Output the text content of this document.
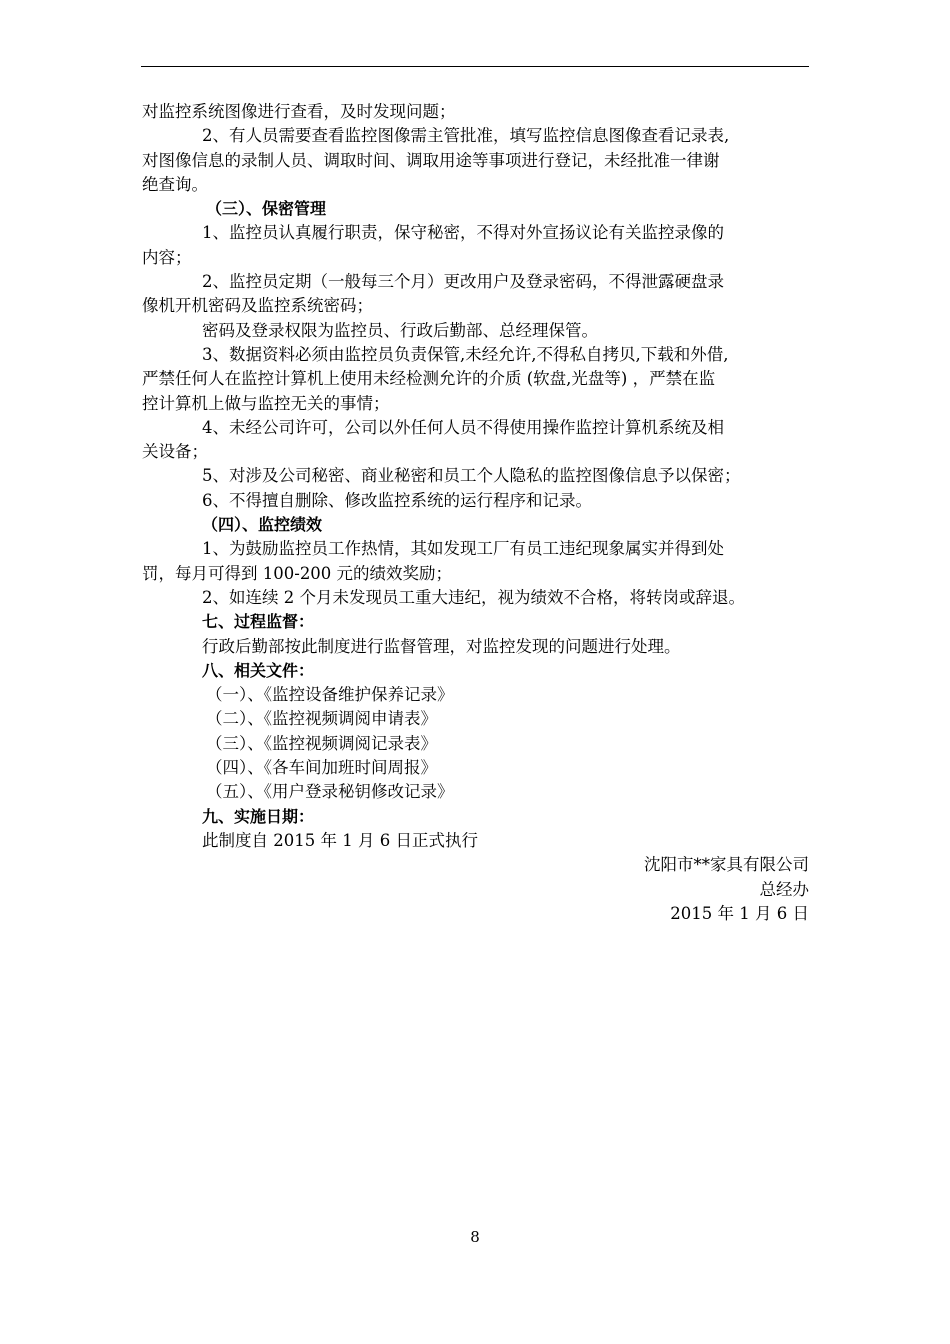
对监控系统图像进行查看，及时发现问题；
2、有人员需要查看监控图像需主管批准，填写监控信息图像查看记录表,
对图像信息的录制人员、调取时间、调取用途等事项进行登记，未经批准一律谢
绝查询。
（三）、保密管理
1、监控员认真履行职责，保守秘密，不得对外宣扬议论有关监控录像的
内容；
2、监控员定期（一般每三个月）更改用户及登录密码，不得泄露硬盘录
像机开机密码及监控系统密码；
密码及登录权限为监控员、行政后勤部、总经理保管。
3、数据资料必须由监控员负责保管,未经允许,不得私自拷贝,下载和外借,
严禁任何人在监控计算机上使用未经检测允许的介质 (软盘,光盘等) ，严禁在监
控计算机上做与监控无关的事情；
4、未经公司许可，公司以外任何人员不得使用操作监控计算机系统及相
关设备；
5、对涉及公司秘密、商业秘密和员工个人隐私的监控图像信息予以保密；
6、不得擅自删除、修改监控系统的运行程序和记录。
（四）、监控绩效
1、为鼓励监控员工作热情，其如发现工厂有员工违纪现象属实并得到处
罚，每月可得到 100-200 元的绩效奖励；
2、如连续 2 个月未发现员工重大违纪，视为绩效不合格，将转岗或辞退。
七、过程监督：
行政后勤部按此制度进行监督管理，对监控发现的问题进行处理。
八、相关文件：
（一）、《监控设备维护保养记录》
（二）、《监控视频调阅申请表》
（三）、《监控视频调阅记录表》
（四）、《各车间加班时间周报》
（五）、《用户登录秘钥修改记录》
九、实施日期：
此制度自 2015 年 1 月 6 日正式执行
沈阳市**家具有限公司
总经办
2015 年 1 月 6 日
8
